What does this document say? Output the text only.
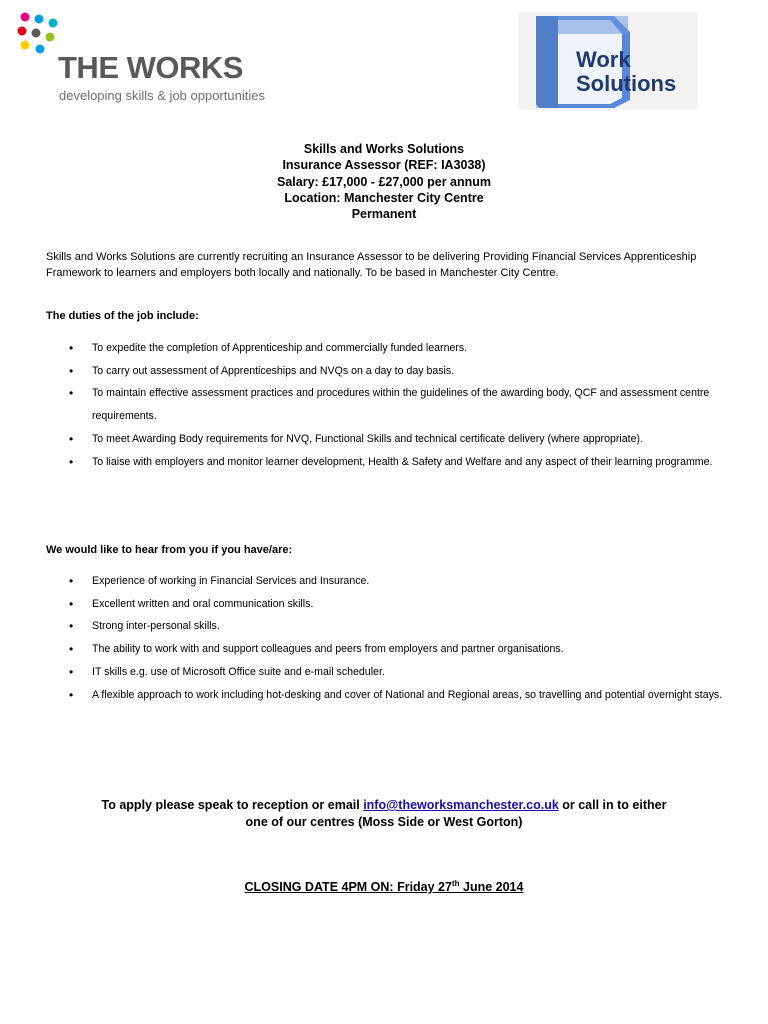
THE WORKS
developing skills & job opportunities
Work
Solutions
Skills and Works Solutions
Insurance Assessor (REF: IA3038)
Salary: £17,000 - £27,000 per annum
Location: Manchester City Centre
Permanent
Skills and Works Solutions are currently recruiting an Insurance Assessor to be delivering Providing Financial Services Apprenticeship Framework to learners and employers both locally and nationally. To be based in Manchester City Centre.
The duties of the job include:
• To expedite the completion of Apprenticeship and commercially funded learners.
• To carry out assessment of Apprenticeships and NVQs on a day to day basis.
• To maintain effective assessment practices and procedures within the guidelines of the awarding body, QCF and assessment centre requirements.
• To meet Awarding Body requirements for NVQ, Functional Skills and technical certificate delivery (where appropriate).
• To liaise with employers and monitor learner development, Health & Safety and Welfare and any aspect of their learning programme.
We would like to hear from you if you have/are:
• Experience of working in Financial Services and Insurance.
• Excellent written and oral communication skills.
• Strong inter-personal skills.
• The ability to work with and support colleagues and peers from employers and partner organisations.
• IT skills e.g. use of Microsoft Office suite and e-mail scheduler.
• A flexible approach to work including hot-desking and cover of National and Regional areas, so travelling and potential overnight stays.
To apply please speak to reception or email info@theworksmanchester.co.uk or call in to either
one of our centres (Moss Side or West Gorton)
CLOSING DATE 4PM ON: Friday 27th June 2014
